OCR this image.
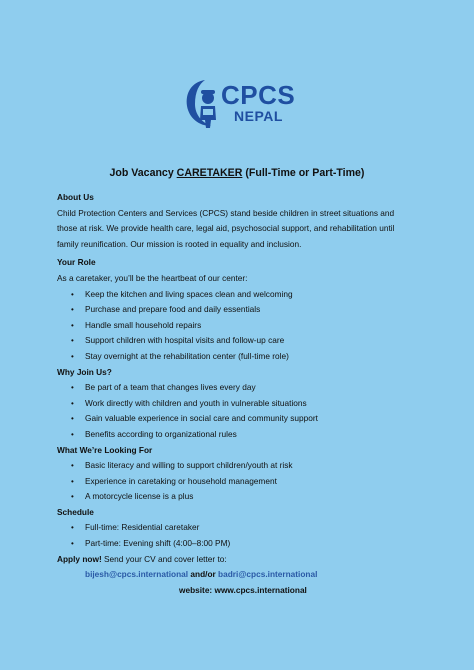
CPCS
NEPAL
Job Vacancy CARETAKER (Full-Time or Part-Time)

About Us

Child Protection Centers and Services (CPCS) stand beside children in street situations and

those at risk. We provide health care, legal aid, psychosocial support, and rehabilitation until

family reunification. Our mission is rooted in equality and inclusion.

Your Role

As a caretaker, you’ll be the heartbeat of our center:

• Keep the kitchen and living spaces clean and welcoming
• Purchase and prepare food and daily essentials
• Handle small household repairs
• Support children with hospital visits and follow-up care
• Stay overnight at the rehabilitation center (full-time role)

Why Join Us?

• Be part of a team that changes lives every day
• Work directly with children and youth in vulnerable situations
• Gain valuable experience in social care and community support
• Benefits according to organizational rules

What We’re Looking For

• Basic literacy and willing to support children/youth at risk
• Experience in caretaking or household management
• A motorcycle license is a plus

Schedule

• Full-time: Residential caretaker
• Part-time: Evening shift (4:00–8:00 PM)

Apply now! Send your CV and cover letter to:

bijesh@cpcs.international and/or badri@cpcs.international

website: www.cpcs.international
